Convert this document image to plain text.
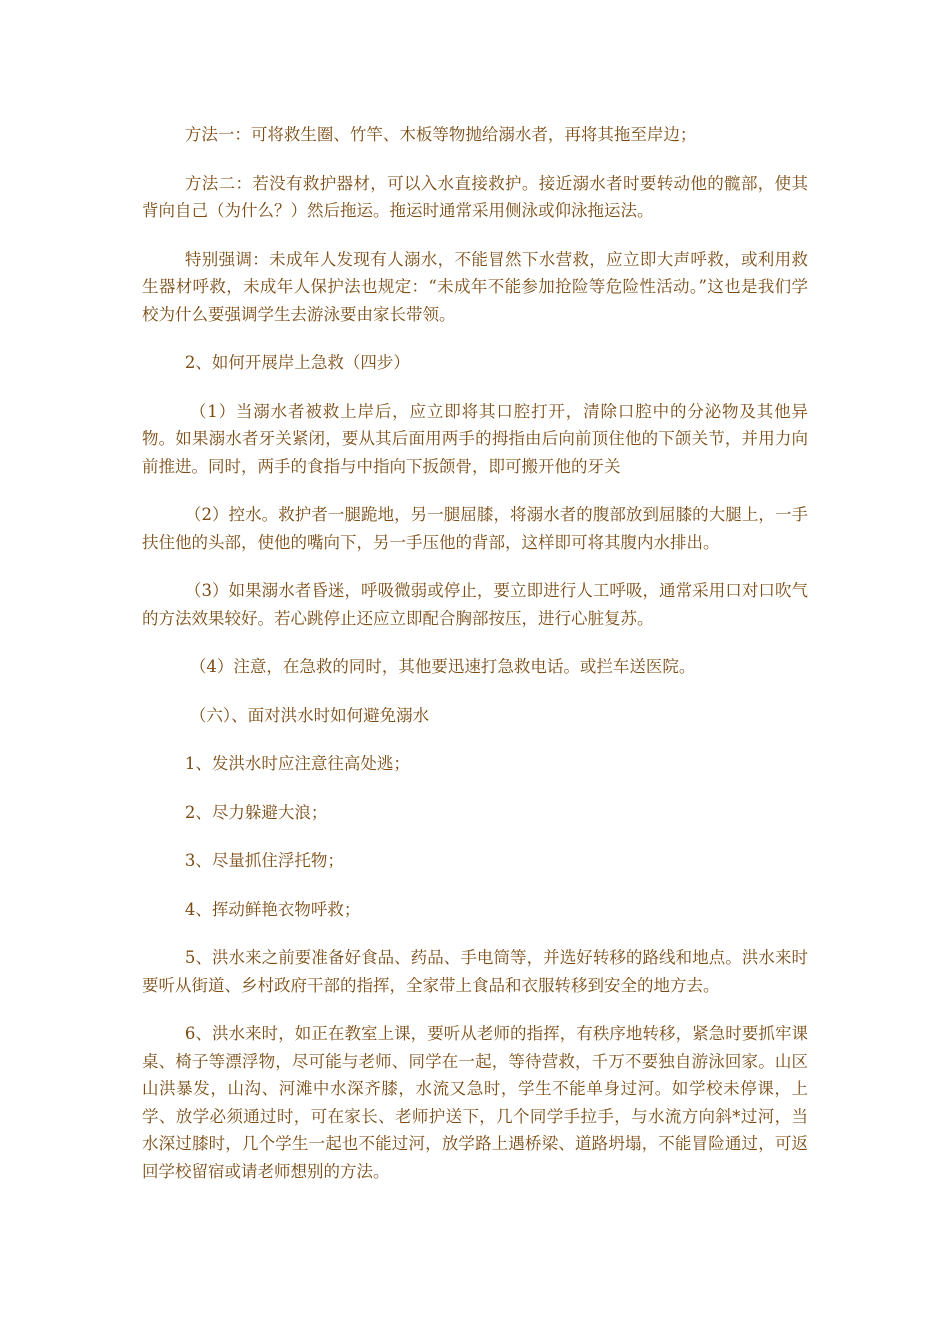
方法一：可将救生圈、竹竿、木板等物抛给溺水者，再将其拖至岸边；

方法二：若没有救护器材，可以入水直接救护。接近溺水者时要转动他的髋部，使其背向自己（为什么？）然后拖运。拖运时通常采用侧泳或仰泳拖运法。

特别强调：未成年人发现有人溺水，不能冒然下水营救，应立即大声呼救，或利用救生器材呼救，未成年人保护法也规定：“未成年不能参加抢险等危险性活动。”这也是我们学校为什么要强调学生去游泳要由家长带领。

2、如何开展岸上急救（四步）

（1）当溺水者被救上岸后，应立即将其口腔打开，清除口腔中的分泌物及其他异物。如果溺水者牙关紧闭，要从其后面用两手的拇指由后向前顶住他的下颌关节，并用力向前推进。同时，两手的食指与中指向下扳颌骨，即可搬开他的牙关

（2）控水。救护者一腿跪地，另一腿屈膝，将溺水者的腹部放到屈膝的大腿上，一手扶住他的头部，使他的嘴向下，另一手压他的背部，这样即可将其腹内水排出。

（3）如果溺水者昏迷，呼吸微弱或停止，要立即进行人工呼吸，通常采用口对口吹气的方法效果较好。若心跳停止还应立即配合胸部按压，进行心脏复苏。

（4）注意，在急救的同时，其他要迅速打急救电话。或拦车送医院。

（六）、面对洪水时如何避免溺水

1、发洪水时应注意往高处逃；

2、尽力躲避大浪；

3、尽量抓住浮托物；

4、挥动鲜艳衣物呼救；

5、洪水来之前要准备好食品、药品、手电筒等，并选好转移的路线和地点。洪水来时要听从街道、乡村政府干部的指挥，全家带上食品和衣服转移到安全的地方去。

6、洪水来时，如正在教室上课，要听从老师的指挥，有秩序地转移，紧急时要抓牢课桌、椅子等漂浮物，尽可能与老师、同学在一起，等待营救，千万不要独自游泳回家。山区山洪暴发，山沟、河滩中水深齐膝，水流又急时，学生不能单身过河。如学校未停课，上学、放学必须通过时，可在家长、老师护送下，几个同学手拉手，与水流方向斜*过河，当水深过膝时，几个学生一起也不能过河，放学路上遇桥梁、道路坍塌，不能冒险通过，可返回学校留宿或请老师想别的方法。
